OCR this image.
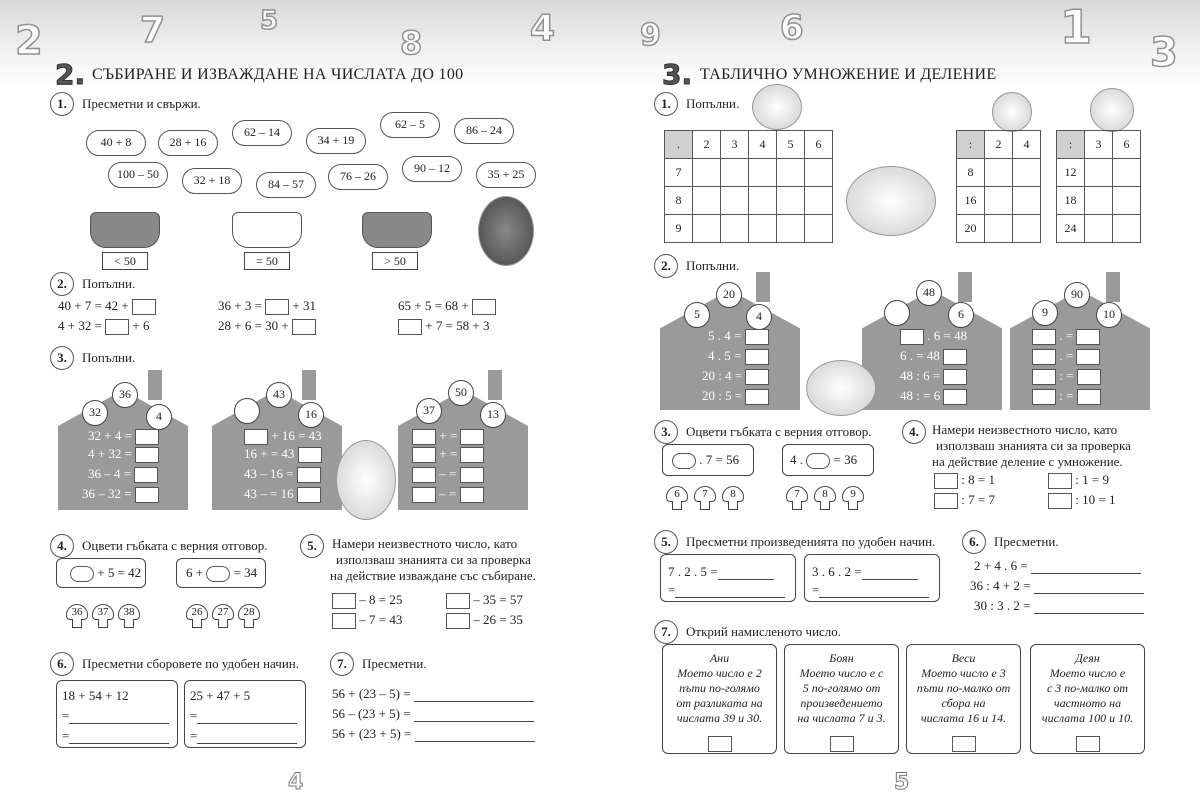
2	7	5
8	4	9	6	1 3
2. СЪБИРАНЕ И ИЗВАЖДАНЕ НА ЧИСЛАТА ДО 100
1.	Пресметни и свържи.
40 + 8	28 + 16
62 – 14
34 + 19
62 – 5	86 – 24
100 – 50	32 + 18	84 – 57
76 – 26
90 – 12	35 + 25
< 50	= 50	> 50
2.	Попълни.
40 + 7 = 42 +	36 + 3 =  + 31	65 + 5 = 68 +
4 + 32 =  + 6	28 + 6 = 30 +	+ 7 = 58 + 3
3.	Попълни.
36
32	4
32 + 4 =
4 + 32 =
36 – 4 =
36 – 32 =
43
16
+ 16 = 43
16 + = 43
43 – 16 =
43 – = 16
50
37	13
+ =
+ =
– =
– =
4.	Оцвети гъбката с верния отговор.
+ 5 = 42	6 + = 34
36	37	38	26	27	28
5.	Намери неизвестното число, като
използваш знанията си за проверка
на действие изваждане със събиране.
– 8 = 25	– 35 = 57
– 7 = 43	– 26 = 35
6.	Пресметни сборовете по удобен начин.
18 + 54 + 12
=
=
25 + 47 + 5
=
=
7.	Пресметни.
56 + (23 – 5) =
56 – (23 + 5) =
56 + (23 + 5) =
4
3. ТАБЛИЧНО УМНОЖЕНИЕ И ДЕЛЕНИЕ
1.	Попълни.
.	2	3	4	5	6
7					
8					
9					
:	2	4
8		
16		
20		
:	3	6
12		
18		
24		
2.	Попълни.
20
5	4
5 . 4 =
4 . 5 =
20 : 4 =
20 : 5 =
48
6
. 6 = 48
6 . = 48
48 : 6 =
48 : = 6
90
9	10
. =
. =
: =
: =
3.	Оцвети гъбката с верния отговор.
. 7 = 56	4 . = 36
6	7	8	7	8	9
4.	Намери неизвестното число, като
използваш знанията си за проверка
на действие деление с умножение.
: 8 = 1	: 1 = 9
: 7 = 7	: 10 = 1
5.	Пресметни произведенията по удобен начин.
7 . 2 . 5 =
=
3 . 6 . 2 =
=
6.	Пресметни.
2 + 4 . 6 =
36 : 4 + 2 =
30 : 3 . 2 =
7.	Открий намисленото число.
Ани
Моето число е 2
пъти по-голямо
от разликата на
числата 39 и 30.
Боян
Моето число е с
5 по-голямо от
произведението
на числата 7 и 3.
Веси
Моето число е 3
пъти по-малко от
сбора на
числата 16 и 14.
Деян
Моето число е
с 3 по-малко от
частното на
числата 100 и 10.
5
